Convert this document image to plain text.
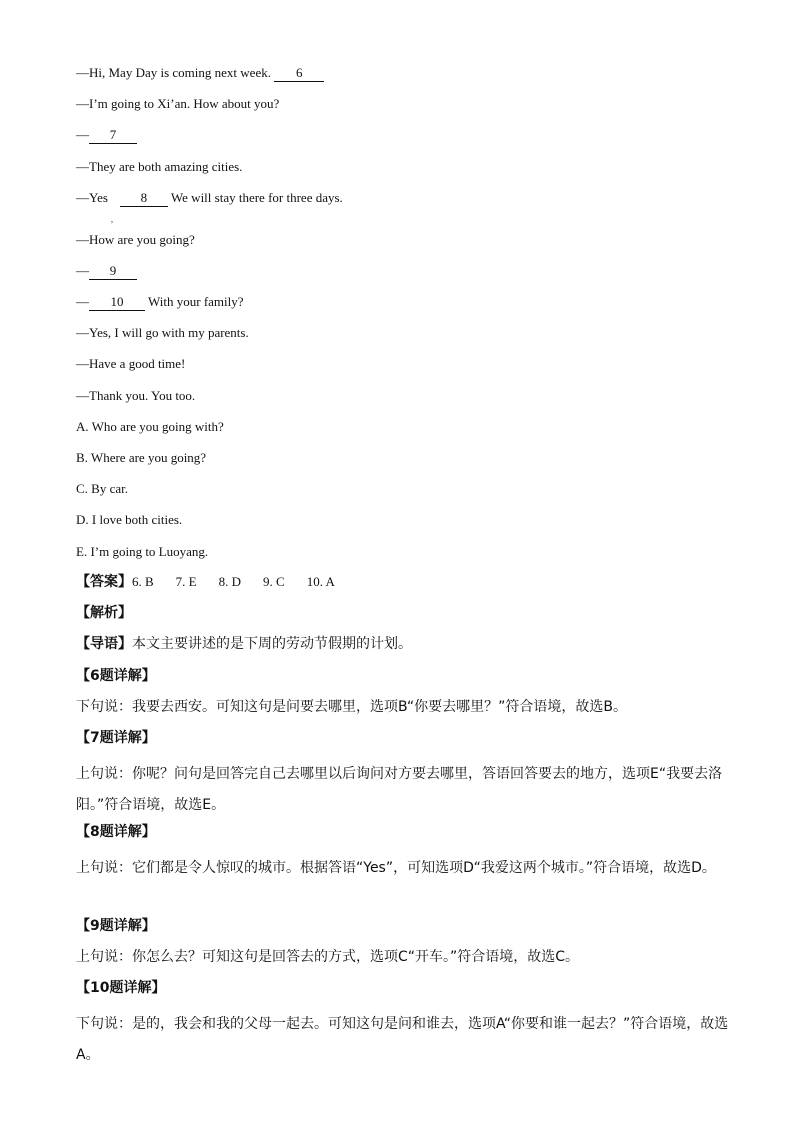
—Hi, May Day is coming next week. 6
—I’m going to Xi’an. How about you?
— 7
—They are both amazing cities.
—Yes
,
8 We will stay there for three days.
—How are you going?
— 9
— 10 With your family?
—Yes, I will go with my parents.
—Have a good time!
—Thank you. You too.
A. Who are you going with?
B. Where are you going?
C. By car.
D. I love both cities.
E. I’m going to Luoyang.
【答案】6. B 7. E 8. D 9. C 10. A
【解析】
【导语】本文主要讲述的是下周的劳动节假期的计划。
【6题详解】
下句说：我要去西安。可知这句是问要去哪里，选项B“你要去哪里？”符合语境，故选B。
【7题详解】
上句说：你呢？问句是回答完自己去哪里以后询问对方要去哪里，答语回答要去的地方，选项E“我要去洛阳。”符合语境，故选E。
【8题详解】
上句说：它们都是令人惊叹的城市。根据答语“Yes”，可知选项D“我爱这两个城市。”符合语境，故选D。
【9题详解】
上句说：你怎么去？可知这句是回答去的方式，选项C“开车。”符合语境，故选C。
【10题详解】
下句说：是的，我会和我的父母一起去。可知这句是问和谁去，选项A“你要和谁一起去？”符合语境，故选A。
